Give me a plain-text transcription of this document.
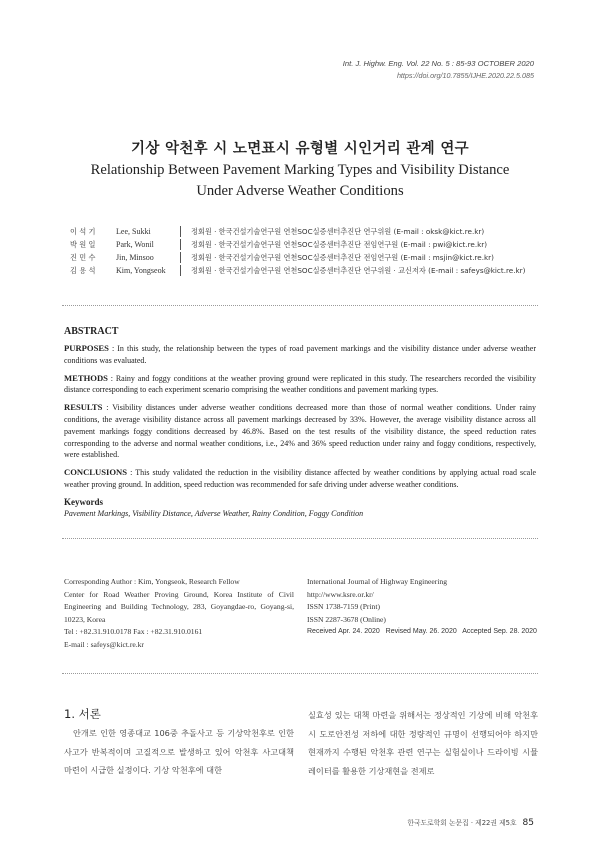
Int. J. Highw. Eng. Vol. 22 No. 5 : 85-93 OCTOBER 2020
https://doi.org/10.7855/IJHE.2020.22.5.085
기상 악천후 시 노면표시 유형별 시인거리 관계 연구
Relationship Between Pavement Marking Types and Visibility Distance
Under Adverse Weather Conditions
이 석 기	Lee, Sukki	정회원 · 한국건설기술연구원 연천SOC실증센터추진단 연구위원 (E-mail : oksk@kict.re.kr)
박 원 일	Park, Wonil	정회원 · 한국건설기술연구원 연천SOC실증센터추진단 전임연구원 (E-mail : pwi@kict.re.kr)
진 민 수	Jin, Minsoo	정회원 · 한국건설기술연구원 연천SOC실증센터추진단 전임연구원 (E-mail : msjin@kict.re.kr)
김 용 석	Kim, Yongseok	정회원 · 한국건설기술연구원 연천SOC실증센터추진단 연구위원 · 교신저자 (E-mail : safeys@kict.re.kr)
ABSTRACT

PURPOSES : In this study, the relationship between the types of road pavement markings and the visibility distance under adverse weather conditions was evaluated.

METHODS : Rainy and foggy conditions at the weather proving ground were replicated in this study. The researchers recorded the visibility distance corresponding to each experiment scenario comprising the weather conditions and pavement marking types.

RESULTS : Visibility distances under adverse weather conditions decreased more than those of normal weather conditions. Under rainy conditions, the average visibility distance across all pavement markings decreased by 33%. However, the average visibility distance across all pavement markings foggy conditions decreased by 46.8%. Based on the test results of the visibility distance, the speed reduction rates corresponding to the adverse and normal weather conditions, i.e., 24% and 36% speed reduction under rainy and foggy conditions, respectively, were established.

CONCLUSIONS : This study validated the reduction in the visibility distance affected by weather conditions by applying actual road scale weather proving ground. In addition, speed reduction was recommended for safe driving under adverse weather conditions.

Keywords

Pavement Markings, Visibility Distance, Adverse Weather, Rainy Condition, Foggy Condition

Corresponding Author : Kim, Yongseok, Research Fellow
Center for Road Weather Proving Ground, Korea Institute of Civil Engineering and Building Technology, 283, Goyangdae-ro, Goyang-si, 10223, Korea
Tel : +82.31.910.0178 Fax : +82.31.910.0161
E-mail : safeys@kict.re.kr
International Journal of Highway Engineering
http://www.ksre.or.kr/
ISSN 1738-7159 (Print)
ISSN 2287-3678 (Online)
Received Apr. 24. 2020 Revised May. 26. 2020 Accepted Sep. 28. 2020
1. 서론
안개로 인한 영종대교 106중 추돌사고 등 기상악천후로 인한 사고가 반복적이며 고질적으로 발생하고 있어 악천후 사고대책 마련이 시급한 실정이다. 기상 악천후에 대한
실효성 있는 대책 마련을 위해서는 정상적인 기상에 비해 악천후 시 도로안전성 저하에 대한 정량적인 규명이 선행되어야 하지만 현재까지 수행된 악천후 관련 연구는 실험실이나 드라이빙 시뮬레이터를 활용한 기상재현을 전제로
한국도로학회 논문집 · 제22권 제5호 85
